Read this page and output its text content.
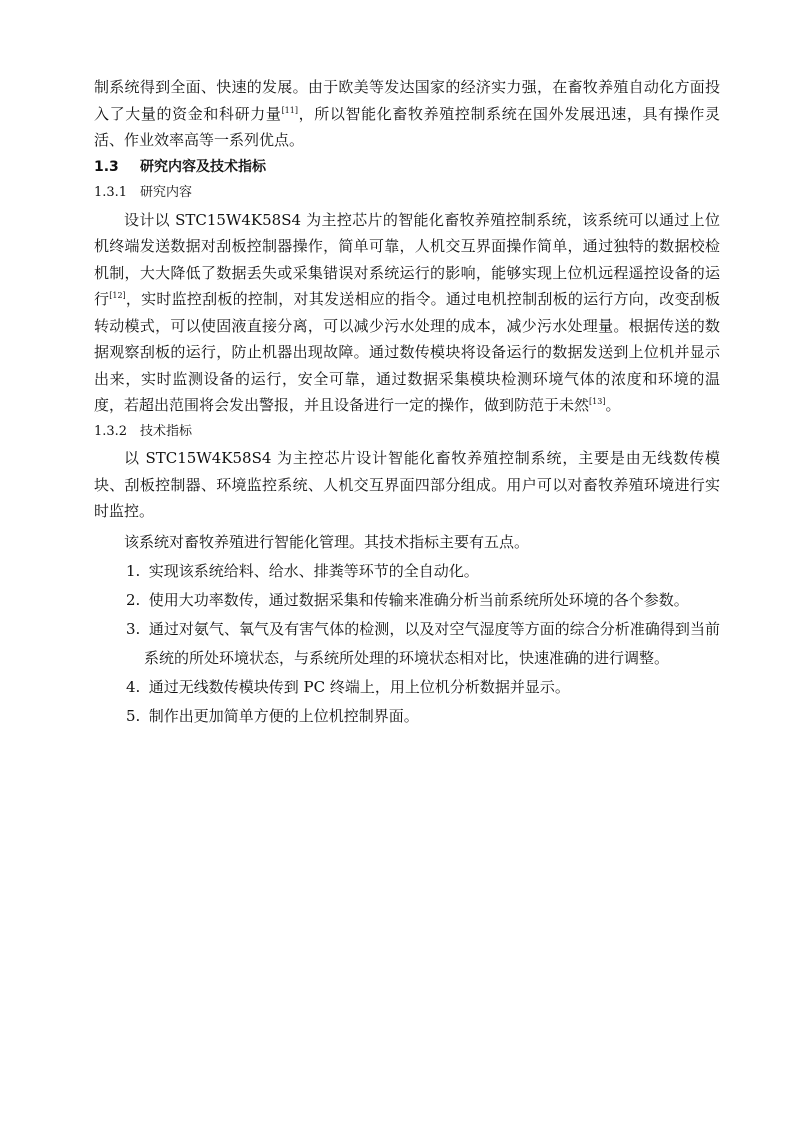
制系统得到全面、快速的发展。由于欧美等发达国家的经济实力强，在畜牧养殖自动化方面投入了大量的资金和科研力量[11]，所以智能化畜牧养殖控制系统在国外发展迅速，具有操作灵活、作业效率高等一系列优点。

1.3 研究内容及技术指标

1.3.1 研究内容

设计以 STC15W4K58S4 为主控芯片的智能化畜牧养殖控制系统，该系统可以通过上位机终端发送数据对刮板控制器操作，简单可靠，人机交互界面操作简单，通过独特的数据校检机制，大大降低了数据丢失或采集错误对系统运行的影响，能够实现上位机远程遥控设备的运行[12]，实时监控刮板的控制，对其发送相应的指令。通过电机控制刮板的运行方向，改变刮板转动模式，可以使固液直接分离，可以减少污水处理的成本，减少污水处理量。根据传送的数据观察刮板的运行，防止机器出现故障。通过数传模块将设备运行的数据发送到上位机并显示出来，实时监测设备的运行，安全可靠，通过数据采集模块检测环境气体的浓度和环境的温度，若超出范围将会发出警报，并且设备进行一定的操作，做到防范于未然[13]。

1.3.2 技术指标

以 STC15W4K58S4 为主控芯片设计智能化畜牧养殖控制系统，主要是由无线数传模块、刮板控制器、环境监控系统、人机交互界面四部分组成。用户可以对畜牧养殖环境进行实时监控。

该系统对畜牧养殖进行智能化管理。其技术指标主要有五点。

1. 实现该系统给料、给水、排粪等环节的全自动化。
2. 使用大功率数传，通过数据采集和传输来准确分析当前系统所处环境的各个参数。
3. 通过对氨气、氧气及有害气体的检测，以及对空气湿度等方面的综合分析准确得到当前系统的所处环境状态，与系统所处理的环境状态相对比，快速准确的进行调整。
4. 通过无线数传模块传到 PC 终端上，用上位机分析数据并显示。
5. 制作出更加简单方便的上位机控制界面。
